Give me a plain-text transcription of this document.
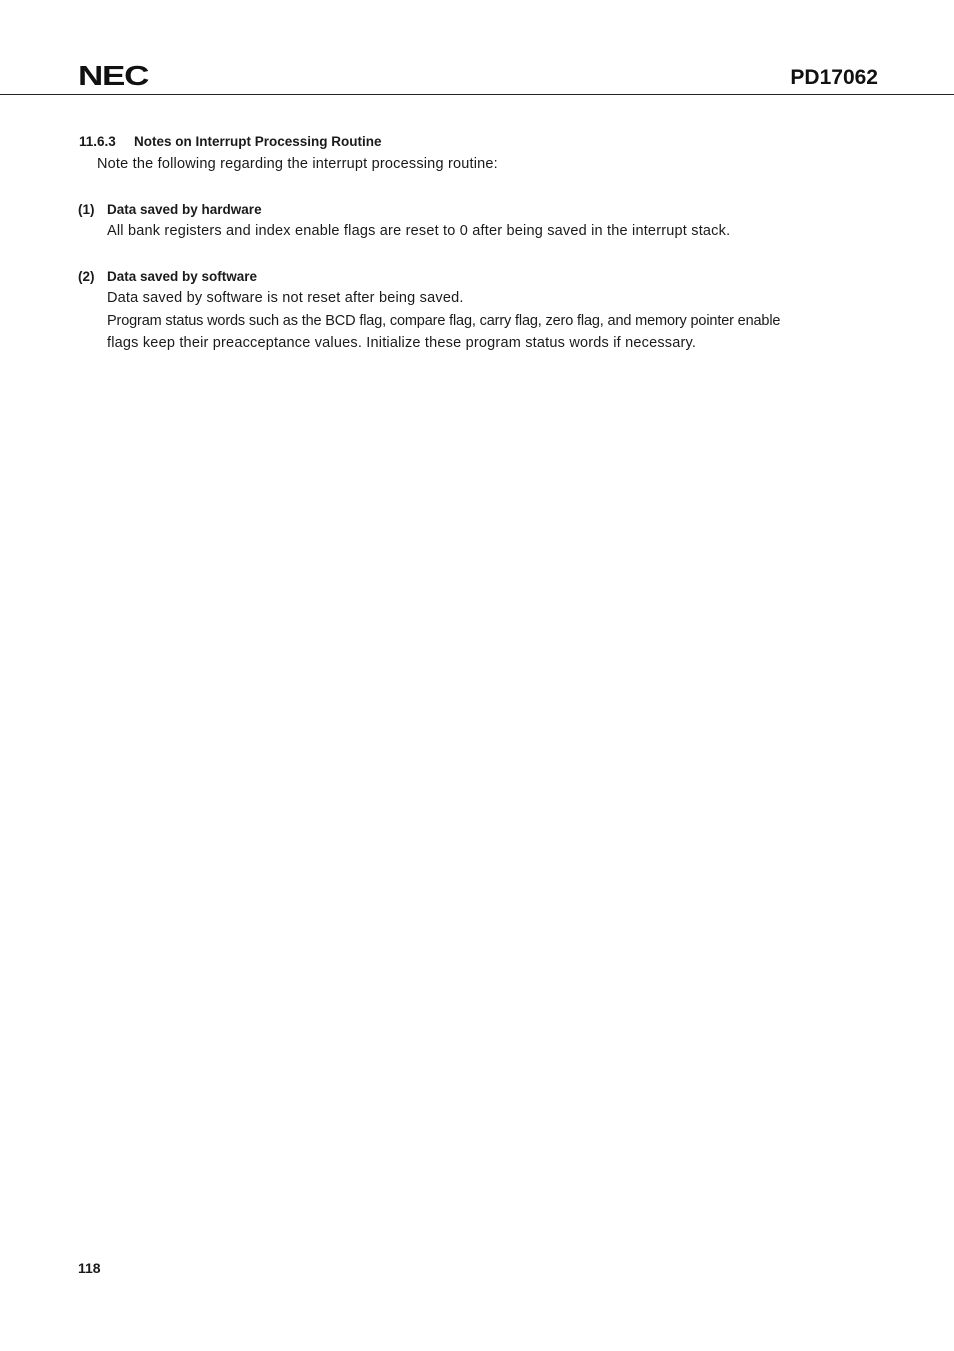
NEC	PD17062
11.6.3 Notes on Interrupt Processing Routine
Note the following regarding the interrupt processing routine:
(1) Data saved by hardware
All bank registers and index enable flags are reset to 0 after being saved in the interrupt stack.
(2) Data saved by software
Data saved by software is not reset after being saved.
Program status words such as the BCD flag, compare flag, carry flag, zero flag, and memory pointer enable
flags keep their preacceptance values. Initialize these program status words if necessary.
118
